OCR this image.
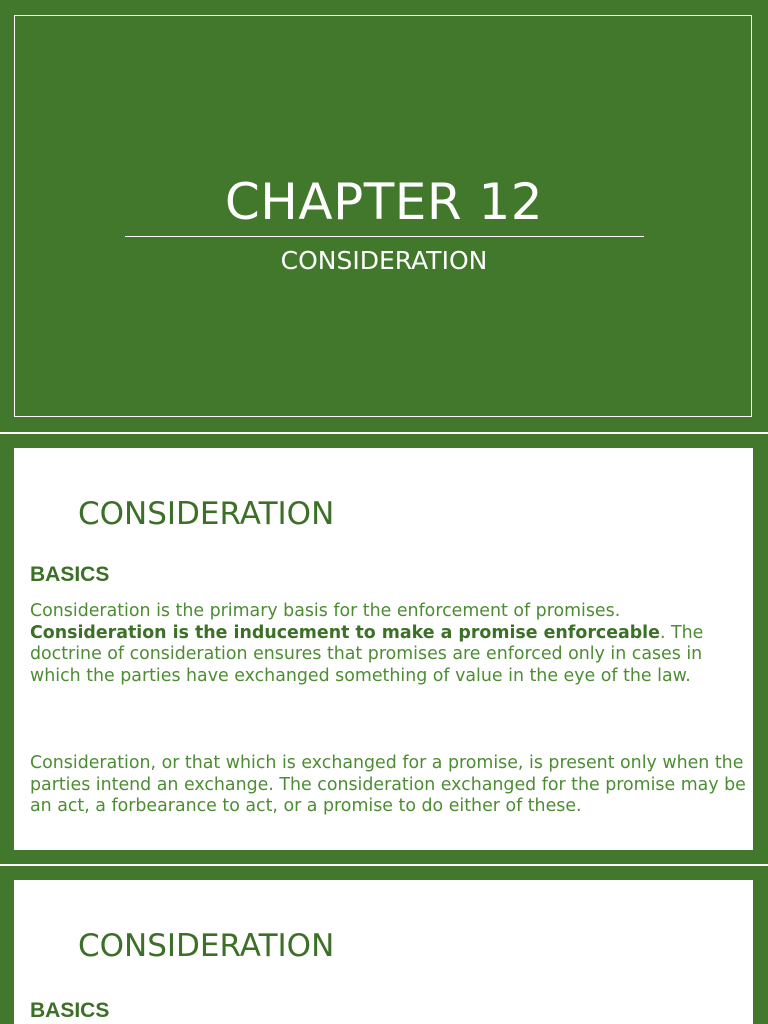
CHAPTER 12
CONSIDERATION
CONSIDERATION
BASICS

Consideration is the primary basis for the enforcement of promises.
Consideration is the inducement to make a promise enforceable. The doctrine of consideration ensures that promises are enforced only in cases in which the parties have exchanged something of value in the eye of the law.

Consideration, or that which is exchanged for a promise, is present only when the parties intend an exchange. The consideration exchanged for the promise may be an act, a forbearance to act, or a promise to do either of these.

CONSIDERATION
BASICS
